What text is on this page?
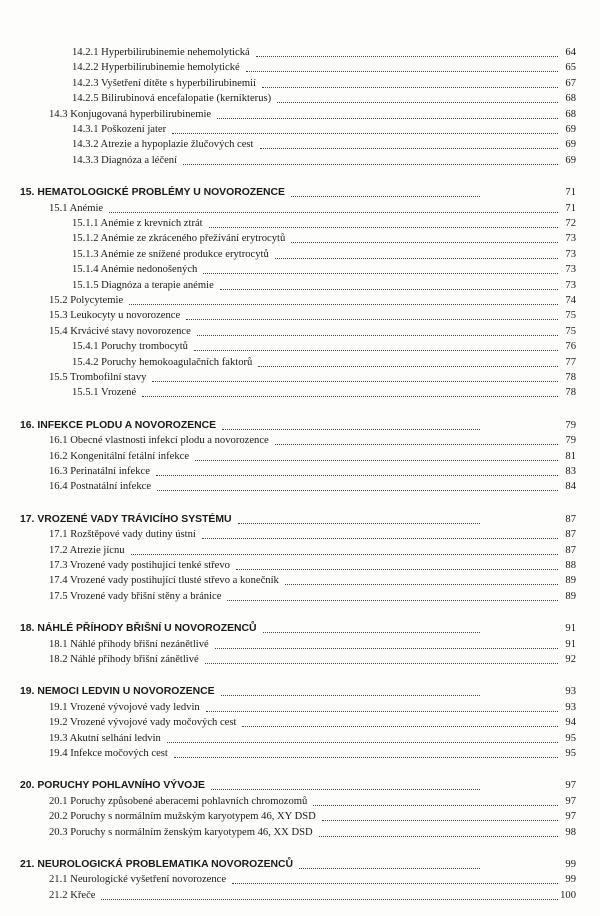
14.2.1 Hyperbilirubinemie nehemolytická	64
14.2.2 Hyperbilirubinemie hemolytické	65
14.2.3 Vyšetření dítěte s hyperbilirubinemií	67
14.2.5 Bilirubinová encefalopatie (kernikterus)	68
14.3 Konjugovaná hyperbilirubinemie	68
14.3.1 Poškození jater	69
14.3.2 Atrezie a hypoplazie žlučových cest	69
14.3.3 Diagnóza a léčení	69
15. HEMATOLOGICKÉ PROBLÉMY U NOVOROZENCE	71
15.1 Anémie	71
15.1.1 Anémie z krevních ztrát	72
15.1.2 Anémie ze zkráceného přežívání erytrocytů	73
15.1.3 Anémie ze snížené produkce erytrocytů	73
15.1.4 Anémie nedonošených	73
15.1.5 Diagnóza a terapie anémie	73
15.2 Polycytemie	74
15.3 Leukocyty u novorozence	75
15.4 Krvácivé stavy novorozence	75
15.4.1 Poruchy trombocytů	76
15.4.2 Poruchy hemokoagulačních faktorů	77
15.5 Trombofilní stavy	78
15.5.1 Vrozené	78
16. INFEKCE PLODU A NOVOROZENCE	79
16.1 Obecné vlastnosti infekcí plodu a novorozence	79
16.2 Kongenitální fetální infekce	81
16.3 Perinatální infekce	83
16.4 Postnatální infekce	84
17. VROZENÉ VADY TRÁVICÍHO SYSTÉMU	87
17.1 Rozštěpové vady dutiny ústní	87
17.2 Atrezie jícnu	87
17.3 Vrozené vady postihující tenké střevo	88
17.4 Vrozené vady postihující tlusté střevo a konečník	89
17.5 Vrozené vady břišní stěny a bránice	89
18. NÁHLÉ PŘÍHODY BŘIŠNÍ U NOVOROZENCŮ	91
18.1 Náhlé příhody břišní nezánětlivé	91
18.2 Náhlé příhody břišní zánětlivé	92
19. NEMOCI LEDVIN U NOVOROZENCE	93
19.1 Vrozené vývojové vady ledvin	93
19.2 Vrozené vývojové vady močových cest	94
19.3 Akutní selhání ledvin	95
19.4 Infekce močových cest	95
20. PORUCHY POHLAVNÍHO VÝVOJE	97
20.1 Poruchy způsobené aberacemi pohlavních chromozomů	97
20.2 Poruchy s normálním mužským karyotypem 46, XY DSD	97
20.3 Poruchy s normálním ženským karyotypem 46, XX DSD	98
21. NEUROLOGICKÁ PROBLEMATIKA NOVOROZENCŮ	99
21.1 Neurologické vyšetření novorozence	99
21.2 Křeče	100
